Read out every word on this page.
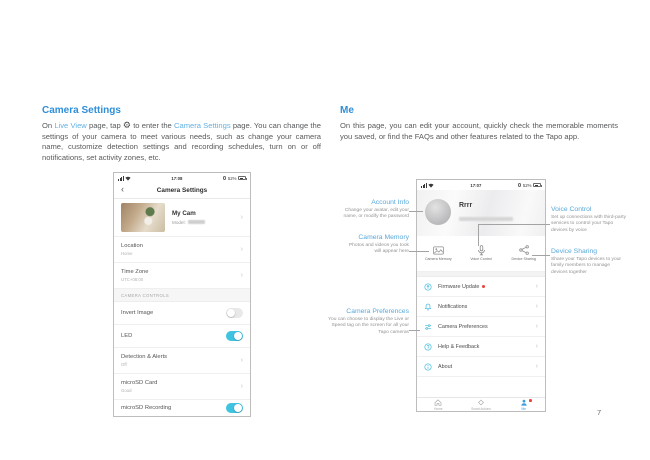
Camera Settings
On Live View page, tap ⚙ to enter the Camera Settings page. You can change the settings of your camera to meet various needs, such as change your camera name, customize detection settings and recording schedules, turn on or off notifications, set activity zones, etc.
Me
On this page, you can edit your account, quickly check the memorable moments you saved, or find the FAQs and other features related to the Tapo app.
17:08	52%
‹	Camera Settings
My Cam
Model:
›
Location
Home
›
Time Zone
UTC+08:00
›
CAMERA CONTROLS
Invert Image
LED
Detection & Alerts
Off
›
microSD Card
Good
›
microSD Recording
17:07	52%
Rrrr
Camera Memory	Voice Control	Device Sharing
Firmware Update	›
Notifications	›
Camera Preferences	›
Help & Feedback	›
About	›
Home	Smart Actions	Me
Account Info
Change your avatar, edit your name, or modify the password
Camera Memory
Photos and videos you took will appear here
Camera Preferences
You can choose to display the Live or Speed tag on the screen for all your Tapo cameras
Voice Control
Set up connections with third-party services to control your Tapo devices by voice
Device Sharing
Share your Tapo devices to your family members to manage devices together
7
